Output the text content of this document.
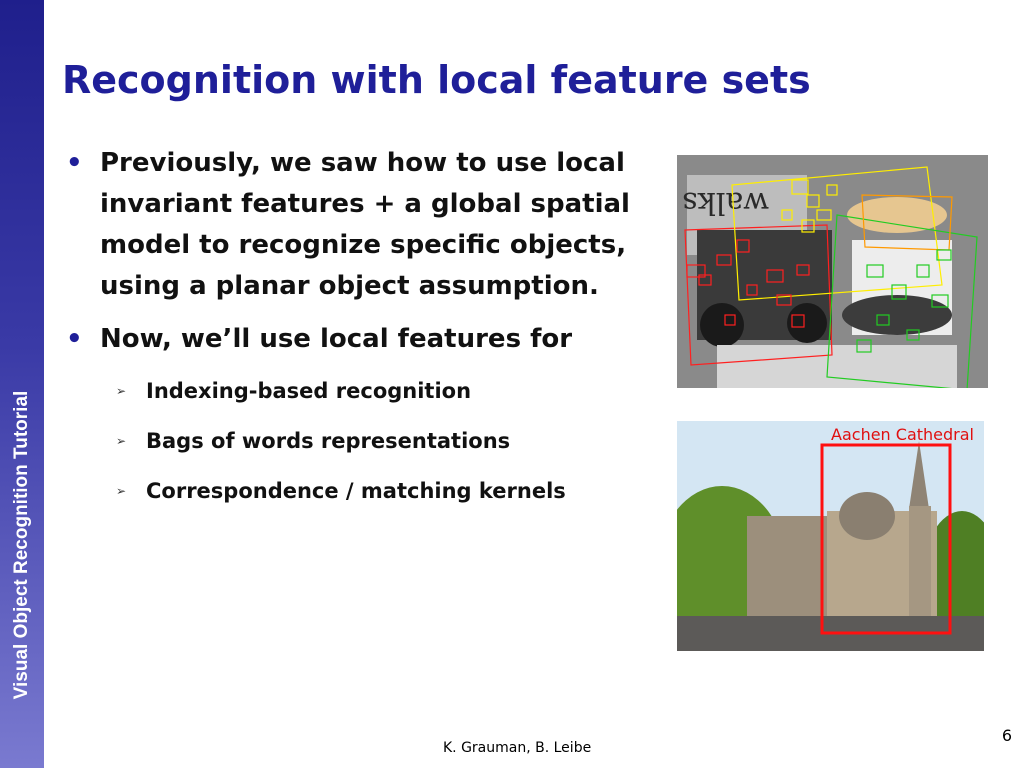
Visual Object Recognition Tutorial
Recognition with local feature sets
• Previously, we saw how to use local invariant features + a global spatial model to recognize specific objects, using a planar object assumption.
• Now, we’ll use local features for
➢ Indexing-based recognition
➢ Bags of words representations
➢ Correspondence / matching kernels
walks
Aachen Cathedral
6
K. Grauman, B. Leibe
